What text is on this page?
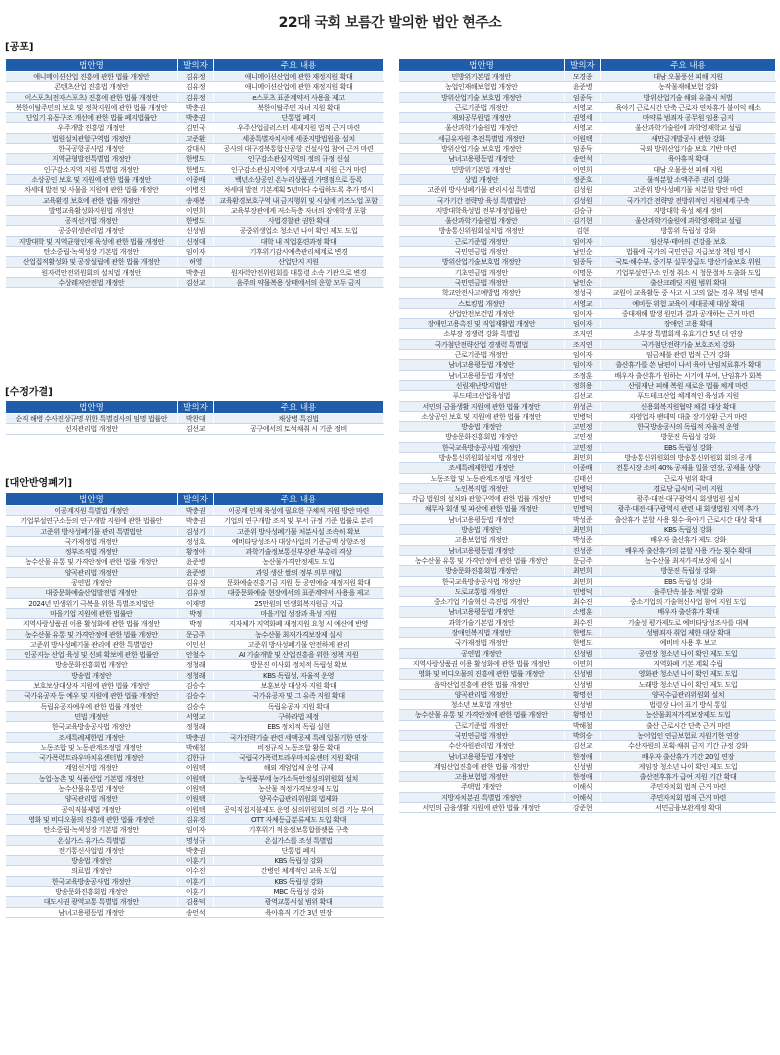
22대 국회 보름간 발의한 법안 현주소
[공포]
법안명	발의자	주요 내용
애니메이션산업 진흥에 관한 법률 개정안	김유정	애니메이션산업에 관한 재정지원 확대
콘텐츠산업 진흥법 개정안	김유정	애니메이션산업에 관한 재정지원 확대
이스포츠(전자스포츠) 진흥에 관한 법률 개정안	김유정	e스포츠 표준계약서 사용을 제고
북한이탈주민의 보호 및 정착지원에 관한 법률 개정안	박충권	북한이탈주민 자녀 지원 확대
단일기 유동구조 개선에 관한 법률 폐지법률안	박충권	단통법 폐지
우주개발 진흥법 개정안	김민국	우주산업클러스터 세제지원 법적 근거 마련
법원설치관할구역법 개정안	고준환	세종특별자치시에 세종지방법원을 설치
한국공항공사법 개정안	강대식	공사의 대구경북통합신공항 건설사업 참여 근거 마련
지역균형발전특별법 개정안	한병도	인구감소관심지역의 정의 규정 신설
인구감소지역 지원 특별법 개정안	한병도	인구감소관심지역에 지방교부세 지원 근거 마련
소상공인 보호 및 지원에 관한 법률 개정안	이종배	백년소상공인 온누리상품권 가맹점으로 등록
차세대 발전 및 사물을 지원에 관한 법률 개정안	이병진	차세대 발전 기본계획 5년마다 수립하도록 추가 명시
교육환경 보호에 관한 법률 개정안	송재봉	교육환경보호구역 내 금지행위 및 시설에 키즈노업 포함
발명교육활성화지원법 개정안	이연희	교육부장관에게 저소득층 자녀의 장애학생 포함
공직선거법 개정안	한병도	사법경찰관 권한 확대
공중위생관리법 개정안	신성범	공중위생업소 청소년 나이 확인 제도 도입
지방대학 및 지역균형인재 육성에 관한 법률 개정안	신정대	대학 내 직업훈련과정 확대
탄소중립·녹색성장 기본법 개정안	임이자	기후위기감시예측관리체계로 변경
산업집적활성화 및 공장설립에 관한 법률 개정안	허영	산업단지 지원
원자력안전위원회의 설치법 개정안	박충권	원자력안전위원회를 대통령 소속 기관으로 변경
수상레저안전법 개정안	김선교	음주의 약물복용 상태에서의 운항 모두 금지
[수정가결]
법안명	발의자	주요 내용
순직 해병 수사진상규명 위한 특별검사의 임명 법률안	박찬대	채상병 특검법
선지관리법 개정안	김선교	공구에서의 토석채취 시 기준 정비
[대안반영폐기]
법안명	발의자	주요 내용
이공계지원 특별법 개정안	박충권	이공계 인재 육성에 필요한 구체적 지원 방안 마련
기업부설연구소등의 연구개발 지원에 관한 법률안	박충권	기업의 연구개발 조직 및 부서 규정 기준 법률로 분리
고준위 방사성폐기물 관리 특별법안	김성기	고준위 방사성폐기물 처분시설 조속히 확보
국가재정법 개정안	정성호	예비타당성조사 대상사업의 기준금액 상향조정
정부조직법 개정안	황정아	과학기술정보통신부장관 부총리 격상
농수산물 유통 및 가격안정에 관한 법률 개정안	윤준병	농산물가격안정제도 도입
양곡관리법 개정안	윤준병	과잉 생산 쌀의 정부 의무 매입
공연법 개정안	김유정	문화예술진흥기금 지원 등 공연예술 재정지원 확대
대중문화예술산업발전법 개정안	김유정	대중문화예술 현장에서의 표준계약서 사용을 제고
2024년 민생위기 극복을 위한 특별조치법안	이재명	25만원의 민생회복지원금 지급
마을기업 지원에 관한 법률안	박정	마을기업 성장과 육성 지원
지역사랑상품권 이용 활성화에 관한 법률 개정안	박정	지자체가 지역화폐 재정지원 요청 시 예산에 반영
농수산물 유통 및 가격안정에 관한 법률 개정안	문금주	농수산물 최저가격보장제 실시
고준위 방사성폐기물 관리에 관한 특별법안	이인선	고준위 방사성폐기물 안전하게 관리
인공지능 산업 육성 및 신뢰 확보에 관한 법률안	안철수	AI 기술개발 및 산업진흥을 위한 정책 지원
방송문화진흥회법 개정안	정청래	방문진 이사회 정치적 독립성 확보
방송법 개정안	정청래	KBS 독립성, 자율적 운영
보호보상대상자 지원에 관한 법률 개정안	김승수	보훈보상 대상자 지원 확대
국가유공자 등 예우 및 지원에 관한 법률 개정안	김승수	국가유공자 및 그 유족 지원 확대
독립유공자예우에 관한 법률 개정안	김승수	독립유공자 지원 확대
민법 개정안	서영교	구하라법 제정
한국교육방송공사법 개정안	정청래	EBS 정치적 독립 실현
조세특례제한법 개정안	박충권	국가전략기술 관련 세액공제 특례 일몰기한 연장
노동조합 및 노동관계조정법 개정안	박해철	비정규직 노동조합 활동 확대
국가폭력트라우마치유센터법 개정안	김한규	국립국가폭력트라우마치유센터 지원 확대
계엄선거법 개정안	이원택	해외 계엄업체 운영 규제
농업·농촌 및 식품산업 기본법 개정안	이원택	농식품부에 농가소득안정심의위원회 설치
농수산물유통법 개정안	이원택	농산물 적정가격보장제 도입
양곡관리법 개정안	이원택	양곡수급관리위원회 법제화
공익직불제법 개정안	이원택	공익직접지불제도 운영 심의위원회의 의결 기능 부여
영화 및 비디오물의 진흥에 관한 법률 개정안	김유정	OTT 자체등급분류제도 도입 확대
탄소중립·녹색성장 기본법 개정안	임이자	기후위기 적응정보통합플랫폼 구축
온실가스 유가스 특별법	명성규	온실가스를 조성 특별법
전기통신사업법 개정안	박충권	단통법 폐지
방송법 개정안	이훈기	KBS 독립성 강화
의료법 개정안	이수진	간병인 체계적인 교육 도입
한국교육방송공사법 개정안	이훈기	KBS 독립성 강화
방송문화진흥회법 개정안	이훈기	MBC 독립성 강화
대도시권 광역교통 특별법 개정안	김용덕	광역교통시설 범위 확대
남녀고용평등법 개정안	송언석	육아휴직 기간 3년 연장
법안명	발의자	주요 내용
민방위기본법 개정안	모경종	대남 오물풍선 피해 지원
농업인재해보험법 개정안	윤준병	농작물재해보험 강화
방위산업기술 보호법 개정안	임종득	방위산업기술 해외 유출시 처벌
근로기준법 개정안	서영교	육아기 근로시간 단축 근로자 연차휴가 불이익 해소
재외공무원법 개정안	권영세	마약류 범죄자 공무원 임용 금지
울산과학기술원법 개정안	서영교	울산과학기술원에 과학영재학교 설립
세금유자원 추진특별법 개정안	이원택	새만금개발공사 관한 강화
방위산업기술 보호법 개정안	임종득	국외 방위산업기술 보호 기반 마련
남녀고용평등법 개정안	송언석	육아휴직 확대
민방위기본법 개정안	이연희	대남 오물풍선 피해 지원
상법 개정안	정준호	물적분할 소액주주 권리 강화
고준위 방사성폐기물 관리시설 특별법	김성원	고준위 방사성폐기물 처분할 방안 마련
국가기간 전략망 육성 특별법안	김성원	국가기간 전략망 전방위적인 지원체계 구축
지방대학육성법 전부개정법률안	김승규	지방대학 육성 체계 정비
울산과학기술원법 개정안	김기현	울산과학기술원에 과학영재학교 설립
방송통신위원회설치법 개정안	김현	방통위 독립성 강화
근로기준법 개정안	임이자	임산부·태아의 건강을 보호
국민연금법 개정안	남인순	법률에 국가의 국민연금 지급보장 책임 명시
방위산업기술보호법 개정안	임종득	국토·해수부, 중기부 실무장급도 방산기술보호 위원
기초연금법 개정안	이명문	기업부설연구소 인정 취소 시 청문절차 도출화 도입
국민연금법 개정안	남인순	출산크레딧 지원 범위 확대
학교안전사고예방법 개정안	정성국	교원이 교육활동 중 사고 시 고의 없는 경우 책임 면제
스토킹법 개정안	서영교	예비등 위험 교육이 세대공제 대상 확대
산업안전보건법 개정안	임이자	중대재해 발생 원인과 결과 공개하는 근거 마련
장애인고용촉진 및 직업재활법 개정안	임이자	장애인 고용 확대
소부장 경쟁력 강화 특별법	조지연	소부장 특별회계 유효기간 5년 더 연장
국가첨단전략산업 경쟁력 특별법	조지연	국가첨단전략기술 보호조치 강화
근로기준법 개정안	임이자	임금체불 관련 법적 근거 강화
남녀고용평등법 개정안	임이자	출산휴가를 쓴 남편이 나서 육아 난임치료휴가 확대
남녀고용평등법 개정안	조정훈	배우자 출산휴가 원하는 시기에 부여, 난임휴가 회복
신림재난방지법안	정희용	산림재난 피해 복원 새로운 법률 체계 마련
푸드테크산업육성법	김선교	푸드테크산업 체계적인 육성과 지원
서민의 금융생활 지원에 관한 법률 개정안	위성곤	신용회복지원협약 체결 대상 확대
소상공인 보호 및 지원에 관한 법률 개정안	민병덕	자영업자 팬데믹 대출 장기상환 근거 마련
방송법 개정안	고민정	한국방송공사의 독립적 자율적 운영
방송문화진흥회법 개정안	고민정	방문진 독립성 강화
한국교육방송공사법 개정안	고민정	EBS 독립성 강화
방송통신위원회설치법 개정안	최민희	방송통신위원회의 방송통신위원회 회의 공개
조세특례제한법 개정안	이종배	전통시장 소비 40% 공제율 일몰 연장, 공제율 상향
노동조합 및 노동관계조정법 개정안	김태선	근로자 범위 확대
노인복지법 개정안	민병덕	경로당 급식비 국비 지원
각급 법원의 설치와 관할구역에 관한 법률 개정안	민병덕	광주·대전·대구광역시 회생법원 설치
채무자 회생 및 파산에 관한 법률 개정안	민병덕	광주·대전·대구광역시 관련 내 회생법원 지역 추가
남녀고용평등법 개정안	박성준	출산휴가 분할 사용 횟수·육아기 근로시간 대상 확대
방송법 개정안	최민희	KBS 독립성 강화
고용보험법 개정안	박성준	배우자 출산휴가 제도 강화
남녀고용평등법 개정안	진성준	배우자 출산휴가의 분할 사용 가능 횟수 확대
농수산물 유통 및 가격안정에 관한 법률 개정안	문금주	농수산물 최저가격보장제 실시
방송문화진흥회법 개정안	최민희	방문진 독립성 강화
한국교육방송공사법 개정안	최민희	EBS 독립성 강화
도로교통법 개정안	민병덕	음주단속 불응 처벌 강화
중소기업 기술혁신 촉진법 개정안	최수진	중소기업의 기술혁신사업 참여 지원 도입
남녀고용평등법 개정안	소병훈	배우자 출산휴가 확대
과학기술기본법 개정안	최수진	기술성 평가제도로 예비타당성조사를 대체
장애인복지법 개정안	한병도	성범죄자 취업 제한 대상 확대
국가재정법 개정안	한병도	예비비 사용 후 보고
공연법 개정안	신성범	공연장 청소년 나이 확인 제도 도입
지역사랑상품권 이용 활성화에 관한 법률 개정안	이연희	지역화폐 기본 계획 수립
영화 및 비디오물의 진흥에 관한 법률 개정안	신성범	영화관 청소년 나이 확인 제도 도입
음악산업진흥에 관한 법률 개정안	신성범	노래방 청소년 나이 확인 제도 도입
양곡관리법 개정안	황명선	양곡수급관리위원회 설치
청소년 보호법 개정안	신성범	법령상 나이 표기 방식 통일
농수산물 유통 및 가격안정에 관한 법률 개정안	황명선	농산물최저가격보장제도 도입
근로기준법 개정안	박해철	출산 근로시간 단축 근거 마련
국민연금법 개정안	박희승	농어업인 연금보험료 지원기한 연장
수산자원관리법 개정안	김선교	수산자원의 포획·채취 금지 기간 규정 강화
남녀고용평등법 개정안	한정애	배우자 출산휴가 기간 20일 연장
계임산업진흥에 관한 법률 개정안	신성범	게임장 청소년 나이 확인 제도 도입
고용보험법 개정안	한정애	출산전후휴가 급여 지원 기간 확대
주택법 개정안	이해식	주민자치회 법적 근거 마련
지방자치분권 특별법 개정안	이해식	주민자치회 법적 근거 마련
서민의 금융생활 지원에 관한 법률 개정안	강준현	서민금융보완계정 확대
